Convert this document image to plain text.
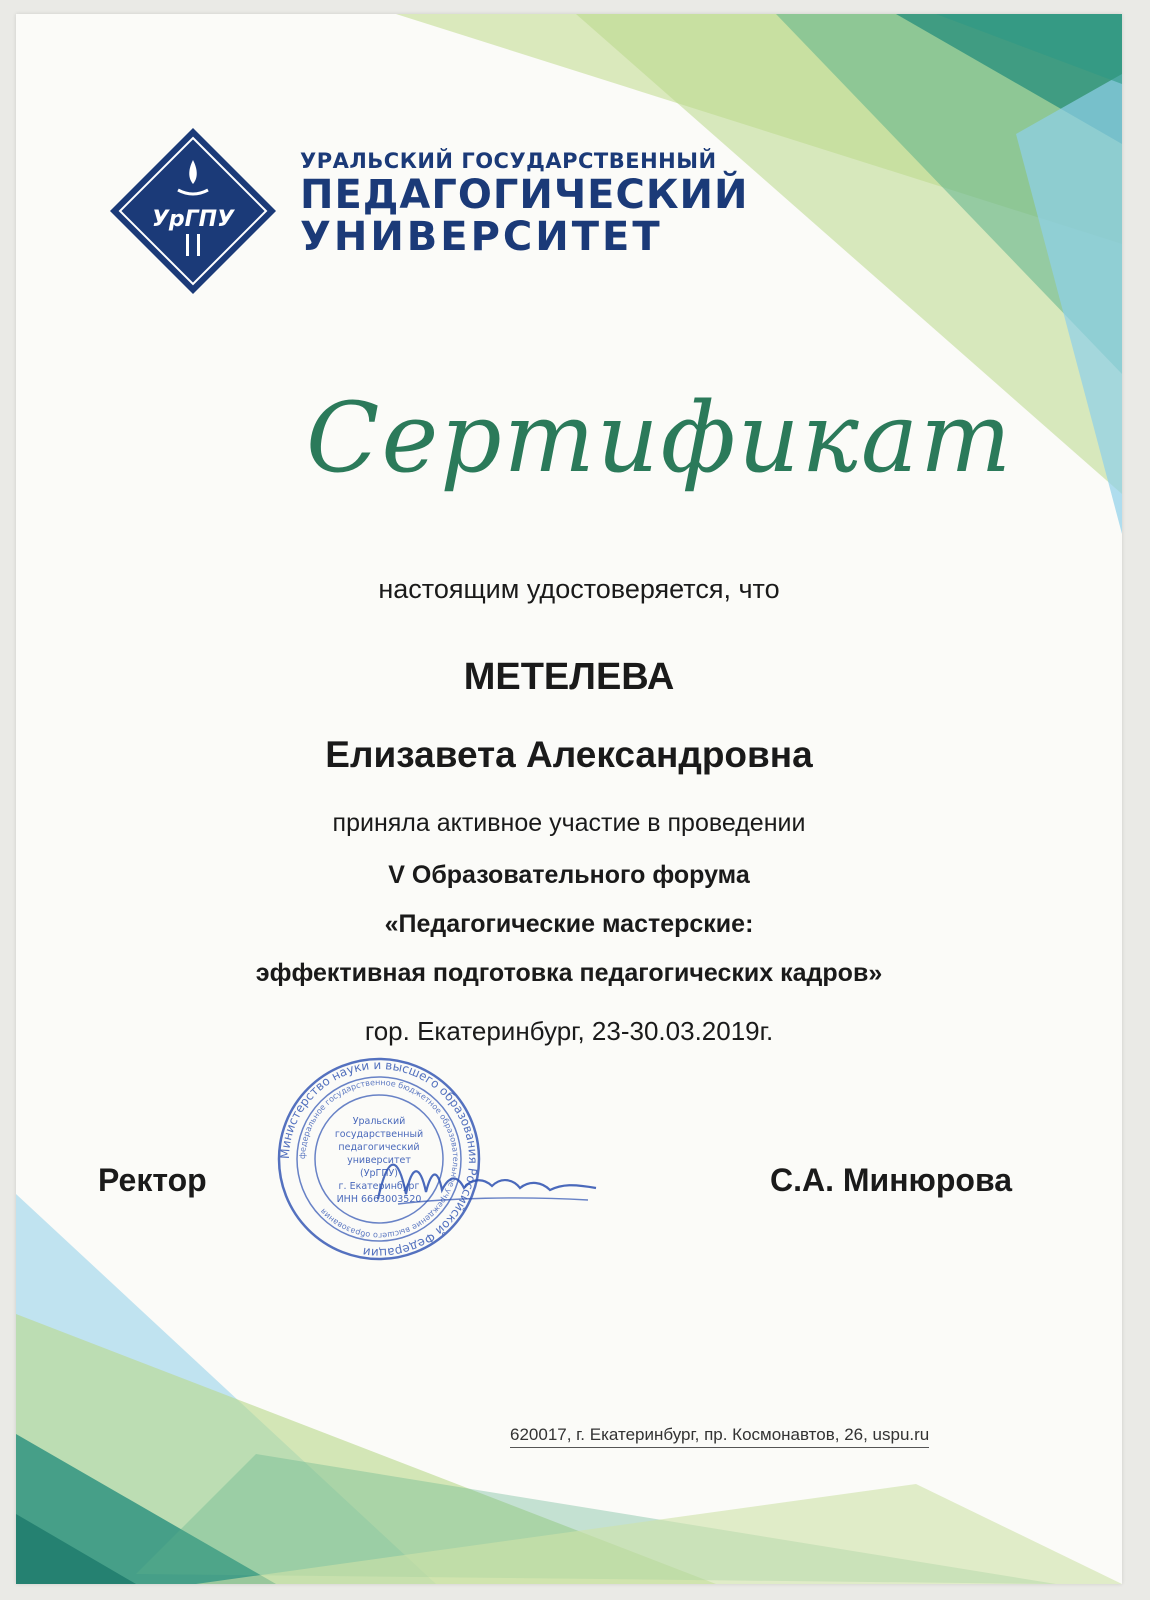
УрГПУ
УРАЛЬСКИЙ ГОСУДАРСТВЕННЫЙ
ПЕДАГОГИЧЕСКИЙ
УНИВЕРСИТЕТ
Сертификат
настоящим удостоверяется, что
МЕТЕЛЕВА
Елизавета Александровна
приняла активное участие в проведении
V Образовательного форума
«Педагогические мастерские:
эффективная подготовка педагогических кадров»
гор. Екатеринбург, 23-30.03.2019г.
Ректор	С.А. Минюрова
Министерство науки и высшего образования Российской Федерации
федеральное государственное бюджетное образовательное учреждение высшего образования
Уральский
государственный
педагогический
университет
(УрГПУ)
г. Екатеринбург
ИНН 6663003520
620017, г. Екатеринбург, пр. Космонавтов, 26, uspu.ru
